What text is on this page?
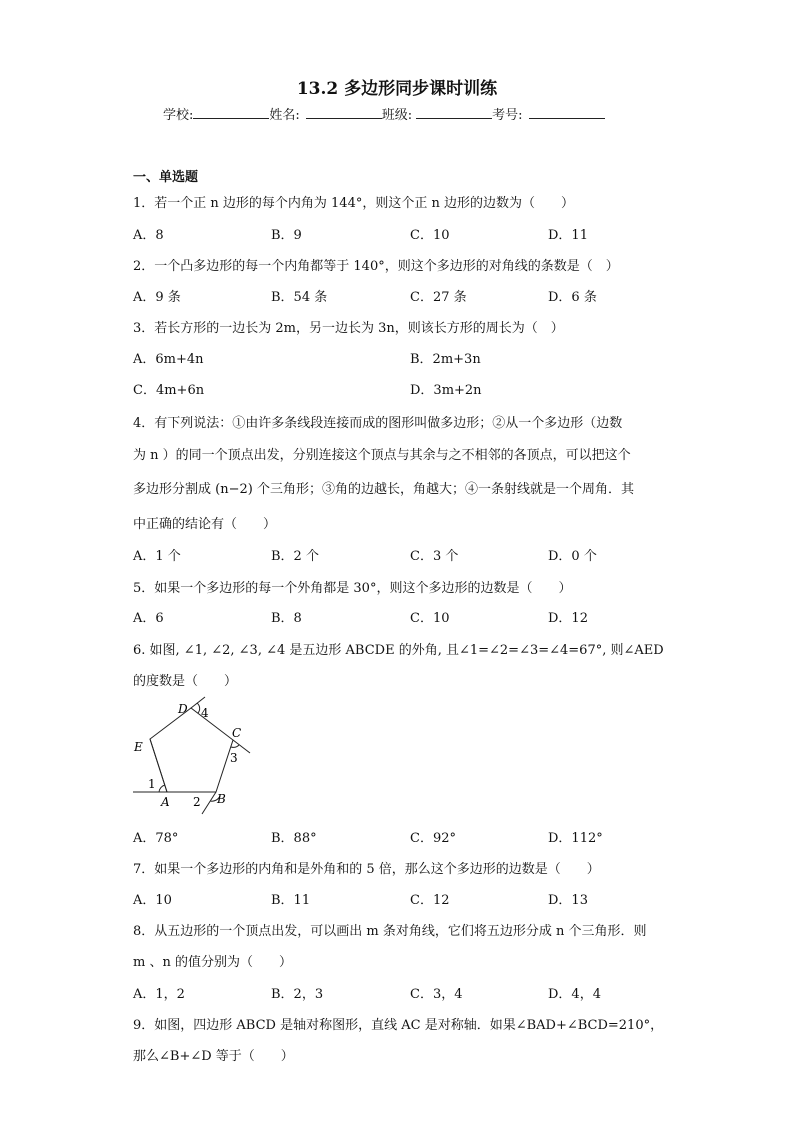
13.2 多边形同步课时训练
学校:	姓名:	班级:	考号:
一、单选题
1．若一个正 n 边形的每个内角为 144°，则这个正 n 边形的边数为（　　）
A．8	B．9	C．10	D．11
2．一个凸多边形的每一个内角都等于 140°，则这个多边形的对角线的条数是（　）
A．9 条	B．54 条	C．27 条	D．6 条
3．若长方形的一边长为 2m，另一边长为 3n，则该长方形的周长为（　）
A．6m+4n	B．2m+3n
C．4m+6n	D．3m+2n
4．有下列说法：①由许多条线段连接而成的图形叫做多边形；②从一个多边形（边数
为 n ）的同一个顶点出发，分别连接这个顶点与其余与之不相邻的各顶点，可以把这个
多边形分割成 (n−2) 个三角形；③角的边越长，角越大；④一条射线就是一个周角．其
中正确的结论有（　　）
A．1 个	B．2 个	C．3 个	D．0 个
5．如果一个多边形的每一个外角都是 30°，则这个多边形的边数是（　　）
A．6	B．8	C．10	D．12
6. 如图, ∠1, ∠2, ∠3, ∠4 是五边形 ABCDE 的外角, 且∠1=∠2=∠3=∠4=67°, 则∠AED
的度数是（　　）
D 4
C
E
3
1
A 2 B
A．78°	B．88°	C．92°	D．112°
7．如果一个多边形的内角和是外角和的 5 倍，那么这个多边形的边数是（　　）
A．10	B．11	C．12	D．13
8．从五边形的一个顶点出发，可以画出 m 条对角线，它们将五边形分成 n 个三角形．则
m 、n 的值分别为（　　）
A．1，2	B．2，3	C．3，4	D．4，4
9．如图，四边形 ABCD 是轴对称图形，直线 AC 是对称轴．如果∠BAD+∠BCD=210°，
那么∠B+∠D 等于（　　）
